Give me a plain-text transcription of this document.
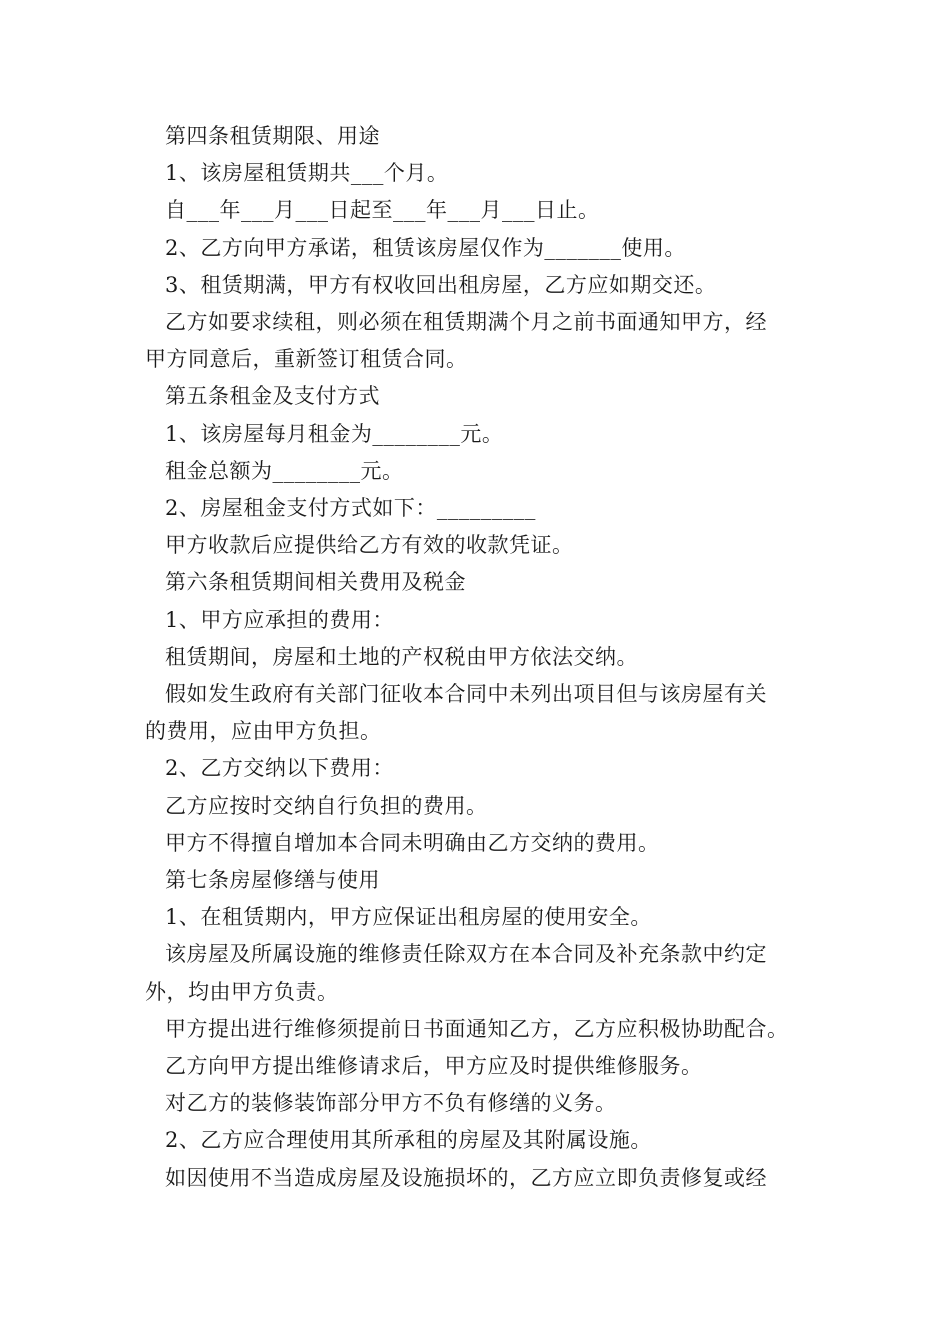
第四条租赁期限、用途
1、该房屋租赁期共___个月。
自___年___月___日起至___年___月___日止。
2、乙方向甲方承诺，租赁该房屋仅作为_______使用。
3、租赁期满，甲方有权收回出租房屋，乙方应如期交还。
乙方如要求续租，则必须在租赁期满个月之前书面通知甲方，经
甲方同意后，重新签订租赁合同。
第五条租金及支付方式
1、该房屋每月租金为________元。
租金总额为________元。
2、房屋租金支付方式如下：_________
甲方收款后应提供给乙方有效的收款凭证。
第六条租赁期间相关费用及税金
1、甲方应承担的费用：
租赁期间，房屋和土地的产权税由甲方依法交纳。
假如发生政府有关部门征收本合同中未列出项目但与该房屋有关
的费用，应由甲方负担。
2、乙方交纳以下费用：
乙方应按时交纳自行负担的费用。
甲方不得擅自增加本合同未明确由乙方交纳的费用。
第七条房屋修缮与使用
1、在租赁期内，甲方应保证出租房屋的使用安全。
该房屋及所属设施的维修责任除双方在本合同及补充条款中约定
外，均由甲方负责。
甲方提出进行维修须提前日书面通知乙方，乙方应积极协助配合。
乙方向甲方提出维修请求后，甲方应及时提供维修服务。
对乙方的装修装饰部分甲方不负有修缮的义务。
2、乙方应合理使用其所承租的房屋及其附属设施。
如因使用不当造成房屋及设施损坏的，乙方应立即负责修复或经
